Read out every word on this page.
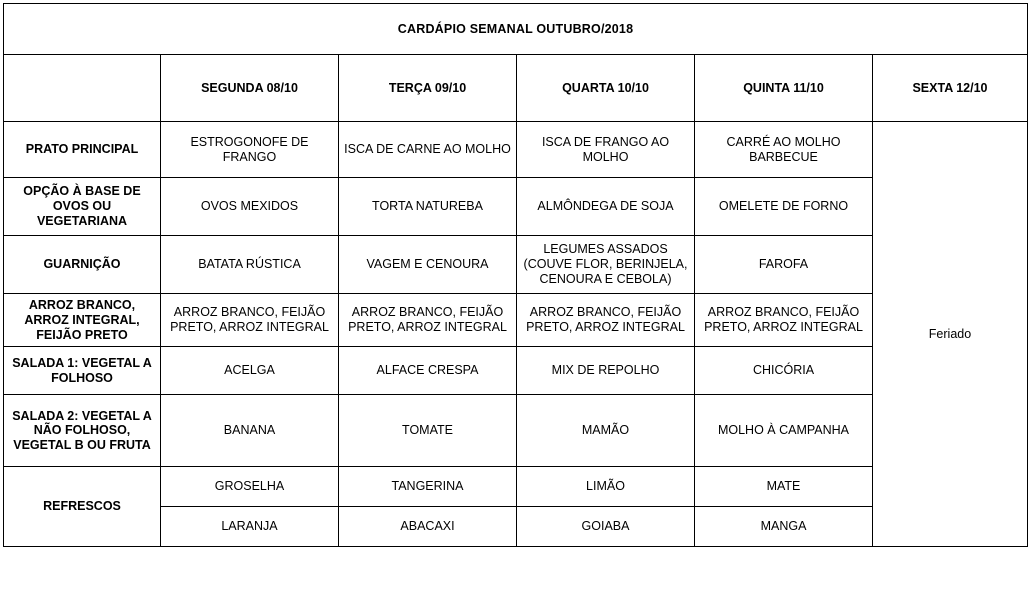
CARDÁPIO SEMANAL OUTUBRO/2018					
	SEGUNDA 08/10	TERÇA 09/10	QUARTA 10/10	QUINTA 11/10	SEXTA 12/10
PRATO PRINCIPAL	ESTROGONOFE DE FRANGO	ISCA DE CARNE AO MOLHO	ISCA DE FRANGO AO MOLHO	CARRÉ AO MOLHO BARBECUE	Feriado
OPÇÃO À BASE DE OVOS OU VEGETARIANA	OVOS MEXIDOS	TORTA NATUREBA	ALMÔNDEGA DE SOJA	OMELETE DE FORNO	
GUARNIÇÃO	BATATA RÚSTICA	VAGEM E CENOURA	LEGUMES ASSADOS (COUVE FLOR, BERINJELA, CENOURA E CEBOLA)	FAROFA	
ARROZ BRANCO, ARROZ INTEGRAL, FEIJÃO PRETO	ARROZ BRANCO, FEIJÃO PRETO, ARROZ INTEGRAL	ARROZ BRANCO, FEIJÃO PRETO, ARROZ INTEGRAL	ARROZ BRANCO, FEIJÃO PRETO, ARROZ INTEGRAL	ARROZ BRANCO, FEIJÃO PRETO, ARROZ INTEGRAL	
SALADA 1: VEGETAL A FOLHOSO	ACELGA	ALFACE CRESPA	MIX DE REPOLHO	CHICÓRIA	
SALADA 2: VEGETAL A NÃO FOLHOSO, VEGETAL B OU FRUTA	BANANA	TOMATE	MAMÃO	MOLHO À CAMPANHA	
REFRESCOS	GROSELHA	TANGERINA	LIMÃO	MATE	
	LARANJA	ABACAXI	GOIABA	MANGA	
